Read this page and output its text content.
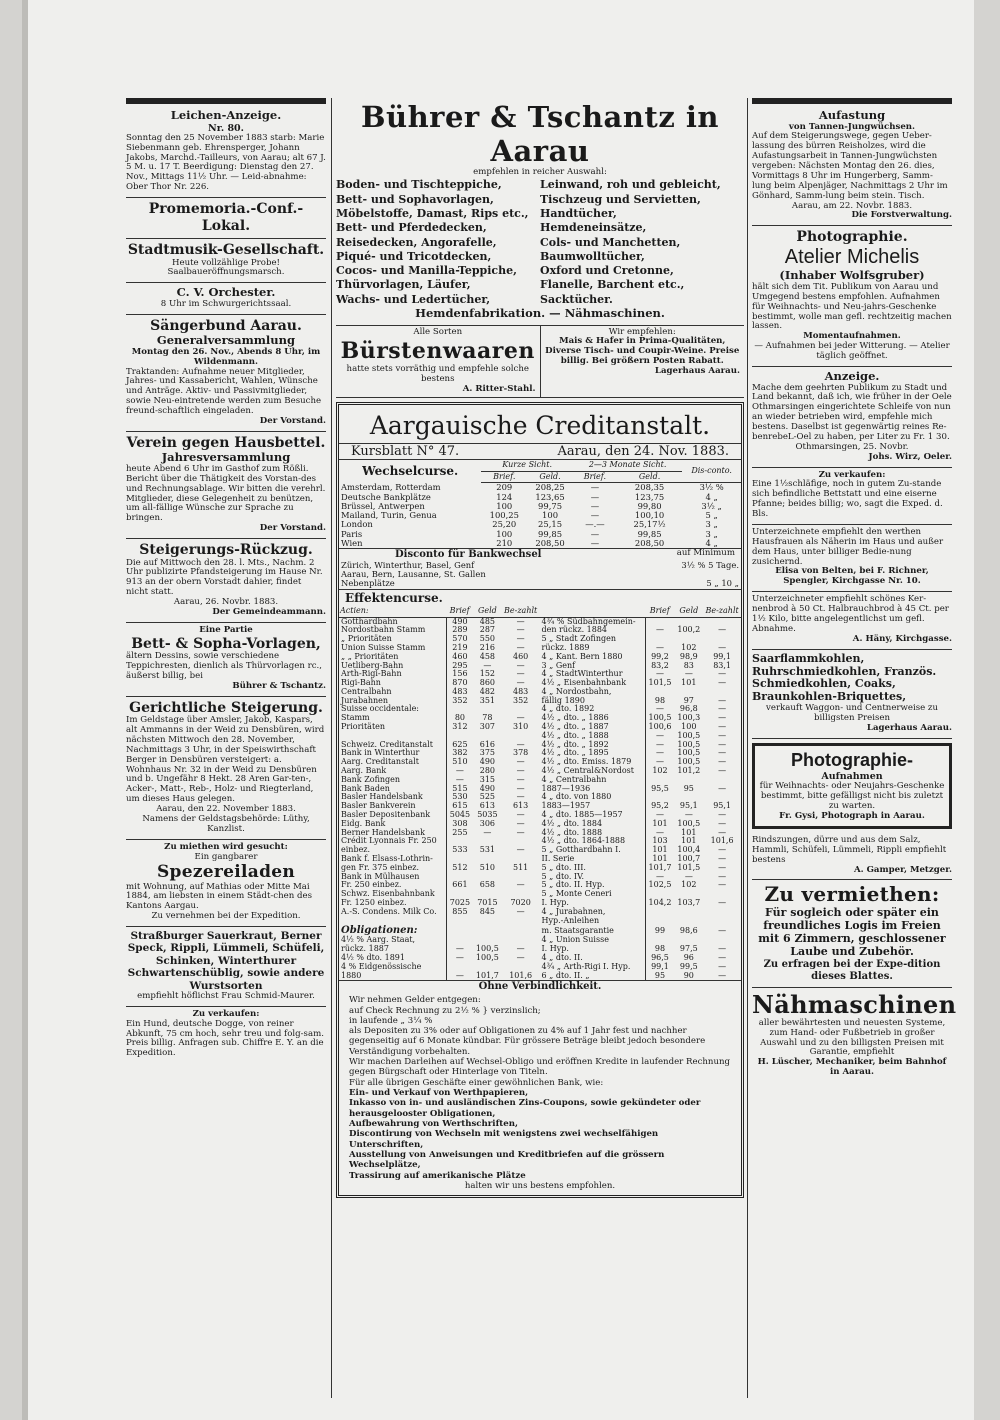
Leichen-Anzeige.
Nr. 80.
Sonntag den 25 November 1883 starb: Marie Siebenmann geb. Ehrensperger, Johann Jakobs, Marchd.-Tailleurs, von Aarau; alt 67 J. 5 M. u. 17 T. Beerdigung: Dienstag den 27. Nov., Mittags 11½ Uhr. — Leid-abnahme: Ober Thor Nr. 226.
Promemoria.-Conf.-Lokal.
Stadtmusik-Gesellschaft.
Heute vollzählige Probe! Saalbaueröffnungsmarsch.
C. V. Orchester.
8 Uhr im Schwurgerichtssaal.
Sängerbund Aarau.
Generalversammlung
Montag den 26. Nov., Abends 8 Uhr, im Wildenmann.
Traktanden: Aufnahme neuer Mitglieder, Jahres- und Kassabericht, Wahlen, Wünsche und Anträge. Aktiv- und Passivmitglieder, sowie Neu-eintretende werden zum Besuche freund-schaftlich eingeladen.
Der Vorstand.
Verein gegen Hausbettel.
Jahresversammlung
heute Abend 6 Uhr im Gasthof zum Rößli. Bericht über die Thätigkeit des Vorstan-des und Rechnungsablage. Wir bitten die verehrl. Mitglieder, diese Gelegenheit zu benützen, um all-fällige Wünsche zur Sprache zu bringen.
Der Vorstand.
Steigerungs-Rückzug.
Die auf Mittwoch den 28. l. Mts., Nachm. 2 Uhr publizirte Pfandsteigerung im Hause Nr. 913 an der obern Vorstadt dahier, findet nicht statt.
Aarau, 26. Novbr. 1883.
Der Gemeindeammann.
Eine Partie
Bett- & Sopha-Vorlagen,
ältern Dessins, sowie verschiedene Teppichresten, dienlich als Thürvorlagen rc., äußerst billig, bei
Bührer & Tschantz.
Gerichtliche Steigerung.
Im Geldstage über Amsler, Jakob, Kaspars, alt Ammanns in der Weid zu Densbüren, wird nächsten Mittwoch den 28. November, Nachmittags 3 Uhr, in der Speiswirthschaft Berger in Densbüren versteigert: a. Wohnhaus Nr. 32 in der Weid zu Densbüren und b. Ungefähr 8 Hekt. 28 Aren Gar-ten-, Acker-, Matt-, Reb-, Holz- und Riegterland, um dieses Haus gelegen.
Aarau, den 22. November 1883.
Namens der Geldstagsbehörde: Lüthy, Kanzlist.
Zu miethen wird gesucht:
Ein gangbarer
Spezereiladen
mit Wohnung, auf Mathias oder Mitte Mai 1884, am liebsten in einem Städt-chen des Kantons Aargau.
Zu vernehmen bei der Expedition.
Straßburger Sauerkraut, Berner Speck, Rippli, Lümmeli, Schüfeli, Schinken, Winterthurer Schwartenschüblig, sowie andere Wurstsorten
empfiehlt höflichst Frau Schmid-Maurer.
Zu verkaufen:
Ein Hund, deutsche Dogge, von reiner Abkunft, 75 cm hoch, sehr treu und folg-sam. Preis billig. Anfragen sub. Chiffre E. Y. an die Expedition.
Bührer & Tschantz in Aarau
empfehlen in reicher Auswahl:
Boden- und Tischteppiche,
Bett- und Sophavorlagen,
Möbelstoffe, Damast, Rips etc.,
Bett- und Pferdedecken,
Reisedecken, Angorafelle,
Piqué- und Tricotdecken,
Cocos- und Manilla-Teppiche,
Thürvorlagen, Läufer,
Wachs- und Ledertücher,
Leinwand, roh und gebleicht,
Tischzeug und Servietten,
Handtücher,
Hemdeneinsätze,
Cols- und Manchetten,
Baumwolltücher,
Oxford und Cretonne,
Flanelle, Barchent etc.,
Sacktücher.
Hemdenfabrikation. — Nähmaschinen.
Alle Sorten
Bürstenwaaren
hatte stets vorräthig und empfehle solche bestens
A. Ritter-Stahl.
Wir empfehlen:
Mais & Hafer in Prima-Qualitäten, Diverse Tisch- und Coupir-Weine. Preise billig. Bei größern Posten Rabatt.
Lagerhaus Aarau.
Aargauische Creditanstalt.
Kursblatt N° 47.	Aarau, den 24. Nov. 1883.
Wechselcurse.	Kurze Sicht.		2—3 Monate Sicht.		Dis-conto.
	Brief.	Geld.	Brief.	Geld.	
Amsterdam, Rotterdam	209	208,25	—	208,35	3½ %
Deutsche Bankplätze	124	123,65	—	123,75	4 „
Brüssel, Antwerpen	100	99,75	—	99,80	3½ „
Mailand, Turin, Genua	100,25	100	—	100,10	5 „
London	25,20	25,15	—.—	25,17½	3 „
Paris	100	99,85	—	99,85	3 „
Wien	210	208,50	—	208,50	4 „
Disconto für Bankwechsel	auf Minimum
Zürich, Winterthur, Basel, Genf	3½ % 5 Tage.
Aarau, Bern, Lausanne, St. Gallen	
Nebenplätze	5 „ 10 „
Effektencurse.
Actien:	Brief	Geld	Be-zahlt		Brief	Geld	Be-zahlt
Gotthardbahn	490	485	—	4¾ % Südbahngemein-			
Nordostbahn Stamm	289	287	—	den rückz. 1884	—	100,2	—
„ Prioritäten	570	550	—	5 „ Stadt Zofingen			
Union Suisse Stamm	219	216	—	rückz. 1889	—	102	—
„ „ Prioritäten	460	458	460	4 „ Kant. Bern 1880	99,2	98,9	99,1
Uetliberg-Bahn	295	—	—	3 „ Genf	83,2	83	83,1
Arth-Rigi-Bahn	156	152	—	4 „ StadtWinterthur	—	—	—
Rigi-Bahn	870	860	—	4½ „ Eisenbahnbank	101,5	101	—
Centralbahn	483	482	483	4 „ Nordostbahn,			
Jurabahnen	352	351	352	fällig 1890	98	97	—
Suisse occidentale:				4 „ dto. 1892	—	96,8	—
Stamm	80	78	—	4½ „ dto. „ 1886	100,5	100,3	—
Prioritäten	312	307	310	4½ „ dto. „ 1887	100,6	100	—
				4½ „ dto. „ 1888	—	100,5	—
Schweiz. Creditanstalt	625	616	—	4½ „ dto. „ 1892	—	100,5	—
Bank in Winterthur	382	375	378	4½ „ dto. „ 1895	—	100,5	—
Aarg. Creditanstalt	510	490	—	4½ „ dto. Emiss. 1879	—	100,5	—
Aarg. Bank	—	280	—	4½ „ Central&Nordost	102	101,2	—
Bank Zofingen	—	315	—	4 „ Centralbahn			
Bank Baden	515	490	—	1887—1936	95,5	95	—
Basler Handelsbank	530	525	—	4 „ dto. von 1880			
Basler Bankverein	615	613	613	1883—1957	95,2	95,1	95,1
Basler Depositenbank	5045	5035	—	4 „ dto. 1885—1957	—	—	—
Eidg. Bank	308	306	—	4½ „ dto. 1884	101	100,5	—
Berner Handelsbank	255	—	—	4½ „ dto. 1888	—	101	—
Crédit Lyonnais Fr. 250				4½ „ dto. 1864-1888	103	101	101,6
einbez.	533	531	—	5 „ Gotthardbahn I.	101	100,4	—
Bank f. Elsass-Lothrin-				II. Serie	101	100,7	—
gen Fr. 375 einbez.	512	510	511	5 „ dto. III.	101,7	101,5	—
Bank in Mülhausen				5 „ dto. IV.	—	—	—
Fr. 250 einbez.	661	658	—	5 „ dto. II. Hyp.	102,5	102	—
Schwz. Eisenbahnbank				5 „ Monte Ceneri			
Fr. 1250 einbez.	7025	7015	7020	I. Hyp.	104,2	103,7	—
A.-S. Condens. Milk Co.	855	845	—	4 „ Jurabahnen,			
				Hyp.-Anleihen			
Obligationen:				m. Staatsgarantie	99	98,6	—
4½ % Aarg. Staat,				4 „ Union Suisse			
rückz. 1887	—	100,5	—	I. Hyp.	98	97,5	—
4½ % dto. 1891	—	100,5	—	4 „ dto. II.	96,5	96	—
4 % Eidgenössische				4¾ „ Arth-Rigi I. Hyp.	99,1	99,5	—
1880	—	101,7	101,6	6 „ dto. II. „	95	90	—
Ohne Verbindlichkeit.
Wir nehmen Gelder entgegen:
auf Check Rechnung zu 2½ % } verzinslich;
in laufende „ 3¼ %
als Depositen zu 3% oder auf Obligationen zu 4% auf 1 Jahr fest und nachher gegenseitig auf 6 Monate kündbar. Für grössere Beträge bleibt jedoch besondere Verständigung vorbehalten.
Wir machen Darleihen auf Wechsel-Obligo und eröffnen Kredite in laufender Rechnung gegen Bürgschaft oder Hinterlage von Titeln.
Für alle übrigen Geschäfte einer gewöhnlichen Bank, wie:
Ein- und Verkauf von Werthpapieren,
Inkasso von in- und ausländischen Zins-Coupons, sowie gekündeter oder herausgelooster Obligationen,
Aufbewahrung von Werthschriften,
Discontirung von Wechseln mit wenigstens zwei wechselfähigen Unterschriften,
Ausstellung von Anweisungen und Kreditbriefen auf die grössern Wechselplätze,
Trassirung auf amerikanische Plätze
halten wir uns bestens empfohlen.
Aufastung
von Tannen-Jungwüchsen.
Auf dem Steigerungswege, gegen Ueber-lassung des bürren Reisholzes, wird die Aufastungsarbeit in Tannen-Jungwüchsten vergeben: Nächsten Montag den 26. dies, Vormittags 8 Uhr im Hungerberg, Samm-lung beim Alpenjäger, Nachmittags 2 Uhr im Gönhard, Samm-lung beim stein. Tisch.
Aarau, am 22. Novbr. 1883.
Die Forstverwaltung.
Photographie.
Atelier Michelis
(Inhaber Wolfsgruber)
hält sich dem Tit. Publikum von Aarau und Umgegend bestens empfohlen. Aufnahmen für Weihnachts- und Neu-jahrs-Geschenke bestimmt, wolle man gefl. rechtzeitig machen lassen.
Momentaufnahmen.
— Aufnahmen bei jeder Witterung. — Atelier täglich geöffnet.
Anzeige.
Mache dem geehrten Publikum zu Stadt und Land bekannt, daß ich, wie früher in der Oele Othmarsingen eingerichtete Schleife von nun an wieder betrieben wird, empfehle mich bestens. Daselbst ist gegenwärtig reines Re-benrebeL-Oel zu haben, per Liter zu Fr. 1 30.
Othmarsingen, 25. Novbr.
Johs. Wirz, Oeler.
Zu verkaufen:
Eine 1½schläfige, noch in gutem Zu-stande sich befindliche Bettstatt und eine eiserne Pfanne; beides billig; wo, sagt die Exped. d. Bls.
Unterzeichnete empfiehlt den werthen Hausfrauen als Näherin im Haus und außer dem Haus, unter billiger Bedie-nung zusichernd.
Elisa von Belten, bei F. Richner, Spengler, Kirchgasse Nr. 10.
Unterzeichneter empfiehlt schönes Ker-nenbrod à 50 Ct. Halbrauchbrod à 45 Ct. per 1½ Kilo, bitte angelegentlichst um gefl. Abnahme.
A. Häny, Kirchgasse.
Saarflammkohlen, Ruhrschmiedkohlen, Französ. Schmiedkohlen, Coaks, Braunkohlen-Briquettes,
verkauft Waggon- und Centnerweise zu billigsten Preisen
Lagerhaus Aarau.
Photographie-
Aufnahmen
für Weihnachts- oder Neujahrs-Geschenke bestimmt, bitte gefälligst nicht bis zuletzt zu warten.
Fr. Gysi, Photograph in Aarau.
Rindszungen, dürre und aus dem Salz, Hammli, Schüfeli, Lümmeli, Rippli empfiehlt bestens
A. Gamper, Metzger.
Zu vermiethen:
Für sogleich oder später ein freundliches Logis im Freien mit 6 Zimmern, geschlossener Laube und Zubehör.
Zu erfragen bei der Expe-dition dieses Blattes.
Nähmaschinen
aller bewährtesten und neuesten Systeme, zum Hand- oder Fußbetrieb in großer Auswahl und zu den billigsten Preisen mit Garantie, empfiehlt
H. Lüscher, Mechaniker, beim Bahnhof in Aarau.
